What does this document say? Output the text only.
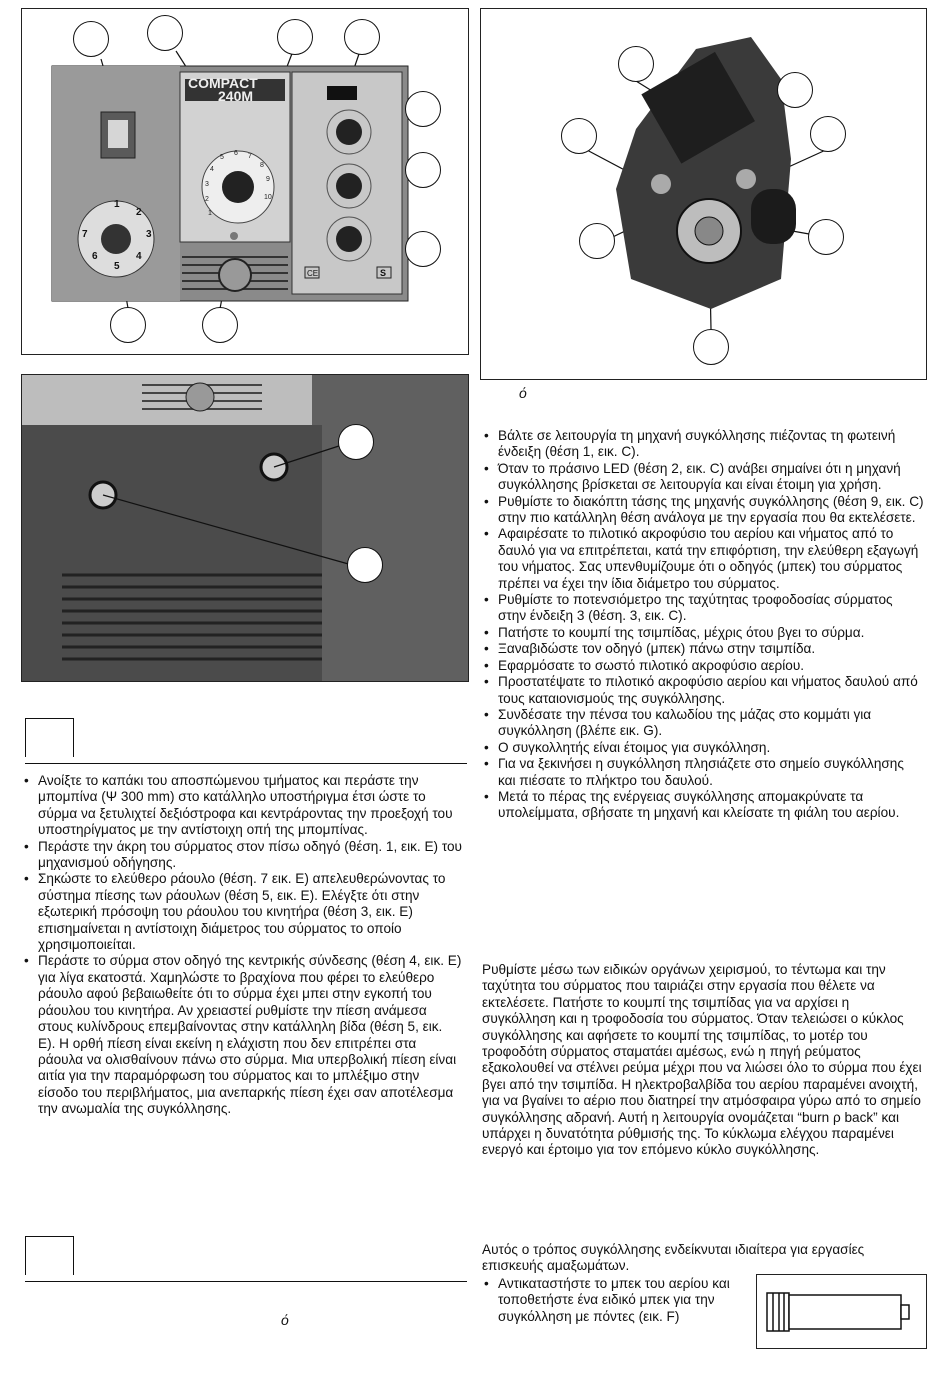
COMPACT
240M
CE	S
1
2
3
4
5
6
7
1
2
3
4
5
6 7
8
9
10
ό
• Ανοίξτε το καπάκι του αποσπώμενου τμήματος και περάστε την μπομπίνα (Ψ 300 mm) στο κατάλληλο υποστήριγμα έτσι ώστε το σύρμα να ξετυλιχτεί δεξιόστροφα και κεντράροντας την προεξοχή του υποστηρίγματος με την αντίστοιχη οπή της μπομπίνας.
• Περάστε την άκρη του σύρματος στον πίσω οδηγό (θέση. 1, εικ. E) του μηχανισμού οδήγησης.
• Σηκώστε το ελεύθερο ράουλο (θέση. 7 εικ. E) απελευθερώνοντας το σύστημα πίεσης των ράουλων (θέση 5, εικ. E). Ελέγξτε ότι στην εξωτερική πρόσοψη του ράουλου του κινητήρα (θέση 3, εικ. E) επισημαίνεται η αντίστοιχη διάμετρος του σύρματος το οποίο χρησιμοποιείται.
• Περάστε το σύρμα στον οδηγό της κεντρικής σύνδεσης (θέση 4, εικ. E) για λίγα εκατοστά. Χαμηλώστε το βραχίονα που φέρει το ελεύθερο ράουλο αφού βεβαιωθείτε ότι το σύρμα έχει μπει στην εγκοπή του ράουλου του κινητήρα. Αν χρειαστεί ρυθμίστε την πίεση ανάμεσα στους κυλίνδρους επεμβαίνοντας στην κατάλληλη βίδα (θέση 5, εικ. E). Η ορθή πίεση είναι εκείνη η ελάχιστη που δεν επιτρέπει στα ράουλα να ολισθαίνουν πάνω στο σύρμα. Μια υπερβολική πίεση είναι αιτία για την παραμόρφωση του σύρματος και το μπλέξιμο στην είσοδο του περιβλήματος, μια ανεπαρκής πίεση έχει σαν αποτέλεσμα την ανωμαλία της συγκόλλησης.
ό
• Βάλτε σε λειτουργία τη μηχανή συγκόλλησης πιέζοντας τη φωτεινή ένδειξη (θέση 1, εικ. C).
• Όταν το πράσινο LED (θέση 2, εικ. C) ανάβει σημαίνει ότι η μηχανή συγκόλλησης βρίσκεται σε λειτουργία και είναι έτοιμη για χρήση.
• Ρυθμίστε το διακόπτη τάσης της μηχανής συγκόλλησης (θέση 9, εικ. C) στην πιο κατάλληλη θέση ανάλογα με την εργασία που θα εκτελέσετε.
• Αφαιρέσατε το πιλοτικό ακροφύσιο του αερίου και νήματος από το δαυλό για να επιτρέπεται, κατά την επιφόρτιση, την ελεύθερη εξαγωγή του νήματος. Σας υπενθυμίζουμε ότι ο οδηγός (μπεκ) του σύρματος πρέπει να έχει την ίδια διάμετρο του σύρματος.
• Ρυθμίστε το ποτενσιόμετρο της ταχύτητας τροφοδοσίας σύρματος στην ένδειξη 3 (θέση. 3, εικ. C).
• Πατήστε το κουμπί της τσιμπίδας, μέχρις ότου βγει το σύρμα.
• Ξαναβιδώστε τον οδηγό (μπεκ) πάνω στην τσιμπίδα.
• Εφαρμόσατε το σωστό πιλοτικό ακροφύσιο αερίου.
• Προστατέψατε το πιλοτικό ακροφύσιο αερίου και νήματος δαυλού από τους καταιονισμούς της συγκόλλησης.
• Συνδέσατε την πένσα του καλωδίου της μάζας στο κομμάτι για συγκόλληση (βλέπε εικ. G).
• Ο συγκολλητής είναι έτοιμος για συγκόλληση.
• Για να ξεκινήσει η συγκόλληση πλησιάζετε στο σημείο συγκόλλησης και πιέσατε το πλήκτρο του δαυλού.
• Μετά το πέρας της ενέργειας συγκόλλησης απομακρύνατε τα υπολείμματα, σβήσατε τη μηχανή και κλείσατε τη φιάλη του αερίου.

Ρυθμίστε μέσω των ειδικών οργάνων χειρισμού, το τέντωμα και την ταχύτητα του σύρματος που ταιριάζει στην εργασία που θέλετε να εκτελέσετε. Πατήστε το κουμπί της τσιμπίδας για να αρχίσει η συγκόλληση και η τροφοδοσία του σύρματος. Όταν τελειώσει ο κύκλος συγκόλλησης και αφήσετε το κουμπί της τσιμπίδας, το μοτέρ του τροφοδότη σύρματος σταματάει αμέσως, ενώ η πηγή ρεύματος εξακολουθεί να στέλνει ρεύμα μέχρι που να λιώσει όλο το σύρμα που έχει βγει από την τσιμπίδα. Η ηλεκτροβαλβίδα του αερίου παραμένει ανοιχτή, για να βγαίνει το αέριο που διατηρεί την ατμόσφαιρα γύρω από το σημείο συγκόλλησης αδρανή. Αυτή η λειτουργία ονομάζεται “burn ρ back” και υπάρχει η δυνατότητα ρύθμισής της. Το κύκλωμα ελέγχου παραμένει ενεργό και έρτοιμο για τον επόμενο κύκλο συγκόλλησης.

Αυτός ο τρόπος συγκόλλησης ενδείκνυται ιδιαίτερα για εργασίες επισκευής αμαξωμάτων.

• Αντικαταστήστε το μπεκ του αερίου και τοποθετήστε ένα ειδικό μπεκ για την συγκόλληση με πόντες (εικ. F)
